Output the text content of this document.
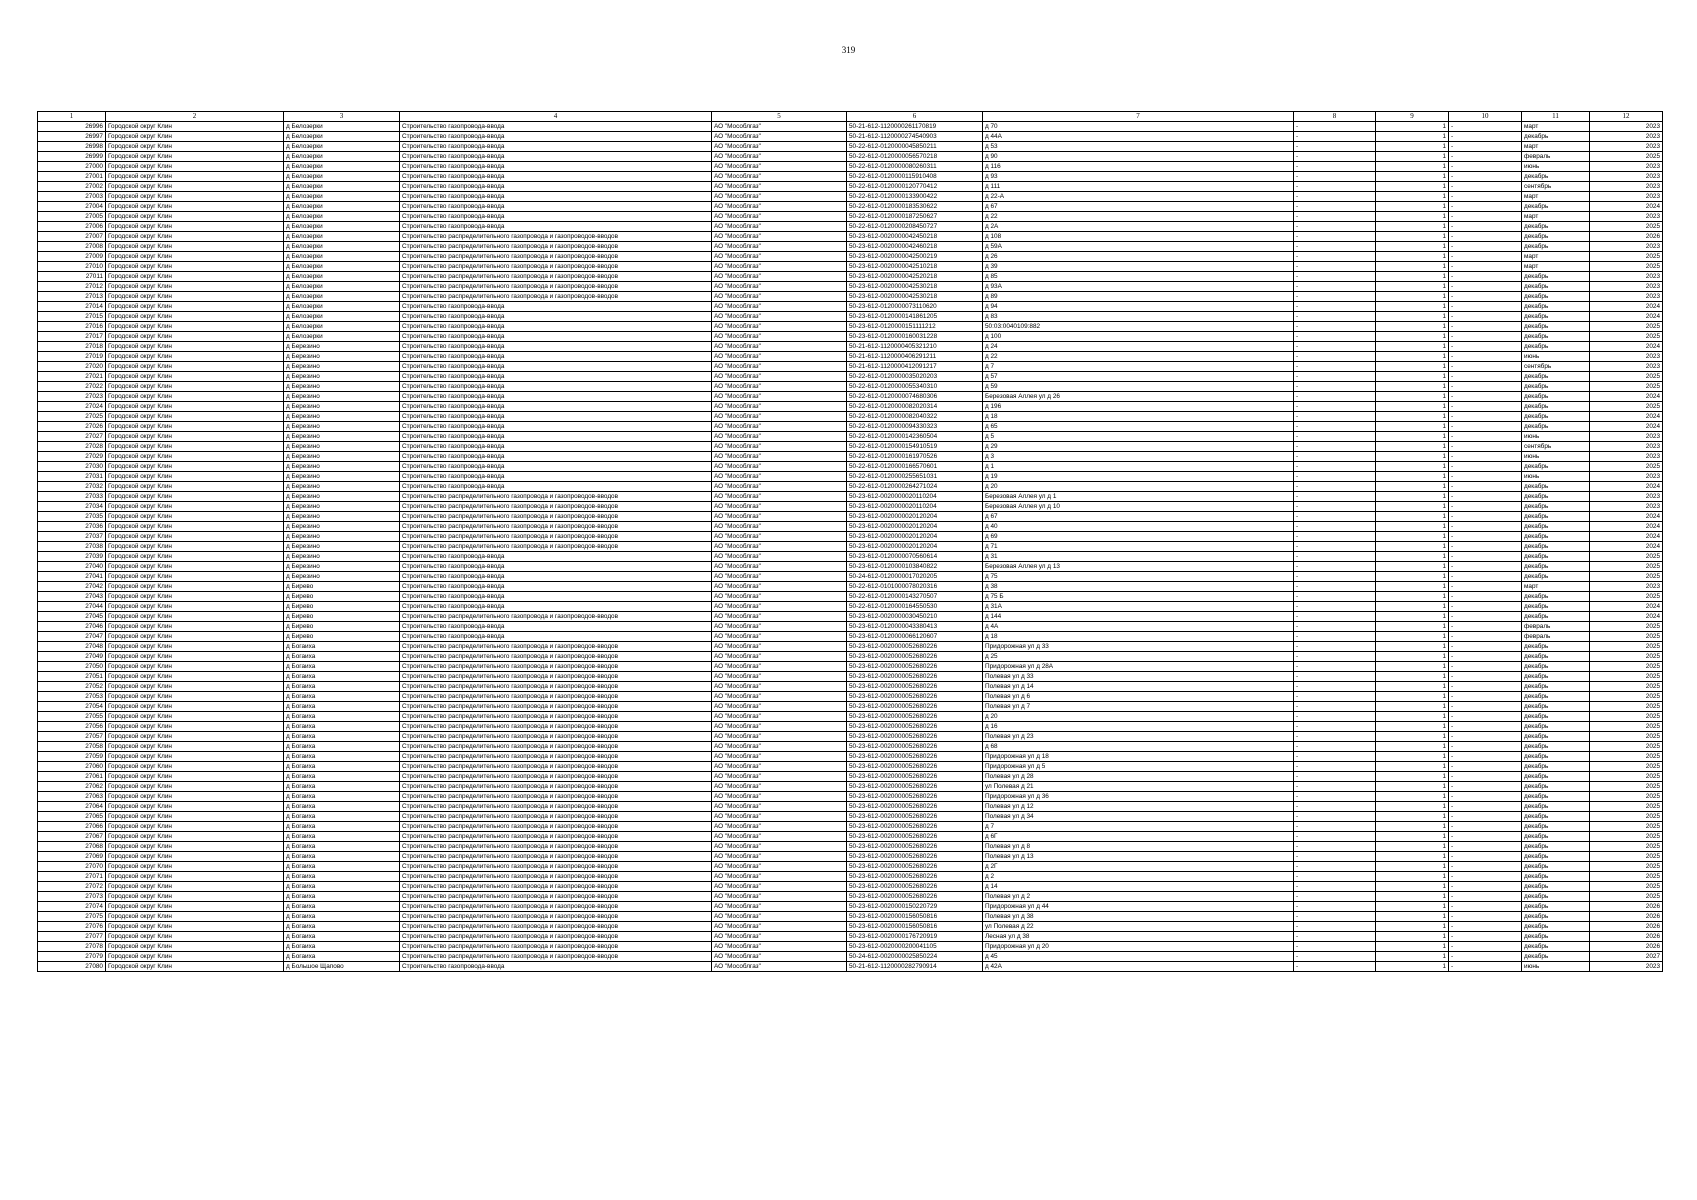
319
1	2	3	4	5	6	7	8	9	10	11	12
26996	Городской округ Клин	д Белозерки	Строительство газопровода-ввода	АО "Мособлгаз"	50-21-612-1120000261170819	д 70	-	1	-	март	2023
26997	Городской округ Клин	д Белозерки	Строительство газопровода-ввода	АО "Мособлгаз"	50-21-612-1120000274540903	д 44А	-	1	-	декабрь	2023
26998	Городской округ Клин	д Белозерки	Строительство газопровода-ввода	АО "Мособлгаз"	50-22-612-0120000045850211	д 53	-	1	-	март	2023
26999	Городской округ Клин	д Белозерки	Строительство газопровода-ввода	АО "Мособлгаз"	50-22-612-0120000056570218	д 90	-	1	-	февраль	2025
27000	Городской округ Клин	д Белозерки	Строительство газопровода-ввода	АО "Мособлгаз"	50-22-612-0120000080260311	д 116	-	1	-	июнь	2023
27001	Городской округ Клин	д Белозерки	Строительство газопровода-ввода	АО "Мособлгаз"	50-22-612-0120000115910408	д 93	-	1	-	декабрь	2023
27002	Городской округ Клин	д Белозерки	Строительство газопровода-ввода	АО "Мособлгаз"	50-22-612-0120000120770412	д 111	-	1	-	сентябрь	2023
27003	Городской округ Клин	д Белозерки	Строительство газопровода-ввода	АО "Мособлгаз"	50-22-612-0120000133900422	д 22-А	-	1	-	март	2023
27004	Городской округ Клин	д Белозерки	Строительство газопровода-ввода	АО "Мособлгаз"	50-22-612-0120000183530622	д 67	-	1	-	декабрь	2024
27005	Городской округ Клин	д Белозерки	Строительство газопровода-ввода	АО "Мособлгаз"	50-22-612-0120000187250627	д 22	-	1	-	март	2023
27006	Городской округ Клин	д Белозерки	Строительство газопровода-ввода	АО "Мособлгаз"	50-22-612-0120000208450727	д 2А	-	1	-	декабрь	2025
27007	Городской округ Клин	д Белозерки	Строительство распределительного газопровода и газопроводов-вводов	АО "Мособлгаз"	50-23-612-0020000042450218	д 108	-	1	-	декабрь	2026
27008	Городской округ Клин	д Белозерки	Строительство распределительного газопровода и газопроводов-вводов	АО "Мособлгаз"	50-23-612-0020000042460218	д 59А	-	1	-	декабрь	2023
27009	Городской округ Клин	д Белозерки	Строительство распределительного газопровода и газопроводов-вводов	АО "Мособлгаз"	50-23-612-0020000042500219	д 26	-	1	-	март	2025
27010	Городской округ Клин	д Белозерки	Строительство распределительного газопровода и газопроводов-вводов	АО "Мособлгаз"	50-23-612-0020000042510218	д 39	-	1	-	март	2025
27011	Городской округ Клин	д Белозерки	Строительство распределительного газопровода и газопроводов-вводов	АО "Мособлгаз"	50-23-612-0020000042520218	д 85	-	1	-	декабрь	2023
27012	Городской округ Клин	д Белозерки	Строительство распределительного газопровода и газопроводов-вводов	АО "Мособлгаз"	50-23-612-0020000042530218	д 93А	-	1	-	декабрь	2023
27013	Городской округ Клин	д Белозерки	Строительство распределительного газопровода и газопроводов-вводов	АО "Мособлгаз"	50-23-612-0020000042530218	д 89	-	1	-	декабрь	2023
27014	Городской округ Клин	д Белозерки	Строительство газопровода-ввода	АО "Мособлгаз"	50-23-612-0120000073110620	д 94	-	1	-	декабрь	2024
27015	Городской округ Клин	д Белозерки	Строительство газопровода-ввода	АО "Мособлгаз"	50-23-612-0120000141861205	д 83	-	1	-	декабрь	2024
27016	Городской округ Клин	д Белозерки	Строительство газопровода-ввода	АО "Мособлгаз"	50-23-612-0120000151111212	50:03:0040109:882	-	1	-	декабрь	2025
27017	Городской округ Клин	д Белозерки	Строительство газопровода-ввода	АО "Мособлгаз"	50-23-612-0120000160031228	д 100	-	1	-	декабрь	2025
27018	Городской округ Клин	д Березино	Строительство газопровода-ввода	АО "Мособлгаз"	50-21-612-1120000405321210	д 24	-	1	-	декабрь	2024
27019	Городской округ Клин	д Березино	Строительство газопровода-ввода	АО "Мособлгаз"	50-21-612-1120000406291211	д 22	-	1	-	июнь	2023
27020	Городской округ Клин	д Березино	Строительство газопровода-ввода	АО "Мособлгаз"	50-21-612-1120000412091217	д 7	-	1	-	сентябрь	2023
27021	Городской округ Клин	д Березино	Строительство газопровода-ввода	АО "Мособлгаз"	50-22-612-0120000035020203	д 57	-	1	-	декабрь	2025
27022	Городской округ Клин	д Березино	Строительство газопровода-ввода	АО "Мособлгаз"	50-22-612-0120000055340310	д 59	-	1	-	декабрь	2025
27023	Городской округ Клин	д Березино	Строительство газопровода-ввода	АО "Мособлгаз"	50-22-612-0120000074680306	Березовая Аллея ул д 26	-	1	-	декабрь	2024
27024	Городской округ Клин	д Березино	Строительство газопровода-ввода	АО "Мособлгаз"	50-22-612-0120000082020314	д 196	-	1	-	декабрь	2025
27025	Городской округ Клин	д Березино	Строительство газопровода-ввода	АО "Мособлгаз"	50-22-612-0120000082040322	д 18	-	1	-	декабрь	2024
27026	Городской округ Клин	д Березино	Строительство газопровода-ввода	АО "Мособлгаз"	50-22-612-0120000094330323	д 65	-	1	-	декабрь	2024
27027	Городской округ Клин	д Березино	Строительство газопровода-ввода	АО "Мособлгаз"	50-22-612-0120000142360504	д 5	-	1	-	июнь	2023
27028	Городской округ Клин	д Березино	Строительство газопровода-ввода	АО "Мособлгаз"	50-22-612-0120000154910519	д 29	-	1	-	сентябрь	2023
27029	Городской округ Клин	д Березино	Строительство газопровода-ввода	АО "Мособлгаз"	50-22-612-0120000161970526	д 3	-	1	-	июнь	2023
27030	Городской округ Клин	д Березино	Строительство газопровода-ввода	АО "Мособлгаз"	50-22-612-0120000166570601	д 1	-	1	-	декабрь	2025
27031	Городской округ Клин	д Березино	Строительство газопровода-ввода	АО "Мособлгаз"	50-22-612-0120000255651031	д 19	-	1	-	июнь	2023
27032	Городской округ Клин	д Березино	Строительство газопровода-ввода	АО "Мособлгаз"	50-22-612-0120000264271024	д 20	-	1	-	декабрь	2024
27033	Городской округ Клин	д Березино	Строительство распределительного газопровода и газопроводов-вводов	АО "Мособлгаз"	50-23-612-0020000020110204	Березовая Аллея ул д 1	-	1	-	декабрь	2023
27034	Городской округ Клин	д Березино	Строительство распределительного газопровода и газопроводов-вводов	АО "Мособлгаз"	50-23-612-0020000020110204	Березовая Аллея ул д 10	-	1	-	декабрь	2023
27035	Городской округ Клин	д Березино	Строительство распределительного газопровода и газопроводов-вводов	АО "Мособлгаз"	50-23-612-0020000020120204	д 67	-	1	-	декабрь	2024
27036	Городской округ Клин	д Березино	Строительство распределительного газопровода и газопроводов-вводов	АО "Мособлгаз"	50-23-612-0020000020120204	д 40	-	1	-	декабрь	2024
27037	Городской округ Клин	д Березино	Строительство распределительного газопровода и газопроводов-вводов	АО "Мособлгаз"	50-23-612-0020000020120204	д 69	-	1	-	декабрь	2024
27038	Городской округ Клин	д Березино	Строительство распределительного газопровода и газопроводов-вводов	АО "Мособлгаз"	50-23-612-0020000020120204	д 71	-	1	-	декабрь	2024
27039	Городской округ Клин	д Березино	Строительство газопровода-ввода	АО "Мособлгаз"	50-23-612-0120000070560614	д 31	-	1	-	декабрь	2025
27040	Городской округ Клин	д Березино	Строительство газопровода-ввода	АО "Мособлгаз"	50-23-612-0120000103840822	Березовая Аллея ул д 13	-	1	-	декабрь	2025
27041	Городской округ Клин	д Березино	Строительство газопровода-ввода	АО "Мособлгаз"	50-24-612-0120000017020205	д 75	-	1	-	декабрь	2025
27042	Городской округ Клин	д Бирево	Строительство газопровода-ввода	АО "Мособлгаз"	50-22-612-0101000078020316	д 38	-	1	-	март	2023
27043	Городской округ Клин	д Бирево	Строительство газопровода-ввода	АО "Мособлгаз"	50-22-612-0120000143270507	д 75 Б	-	1	-	декабрь	2025
27044	Городской округ Клин	д Бирево	Строительство газопровода-ввода	АО "Мособлгаз"	50-22-612-0120000164550530	д 31А	-	1	-	декабрь	2024
27045	Городской округ Клин	д Бирево	Строительство распределительного газопровода и газопроводов-вводов	АО "Мособлгаз"	50-23-612-0020000030450210	д 144	-	1	-	декабрь	2024
27046	Городской округ Клин	д Бирево	Строительство газопровода-ввода	АО "Мособлгаз"	50-23-612-0120000043380413	д 4А	-	1	-	февраль	2025
27047	Городской округ Клин	д Бирево	Строительство газопровода-ввода	АО "Мособлгаз"	50-23-612-0120000066120607	д 18	-	1	-	февраль	2025
27048	Городской округ Клин	д Богаиха	Строительство распределительного газопровода и газопроводов-вводов	АО "Мособлгаз"	50-23-612-0020000052680226	Придорожная ул д 33	-	1	-	декабрь	2025
27049	Городской округ Клин	д Богаиха	Строительство распределительного газопровода и газопроводов-вводов	АО "Мособлгаз"	50-23-612-0020000052680226	д 25	-	1	-	декабрь	2025
27050	Городской округ Клин	д Богаиха	Строительство распределительного газопровода и газопроводов-вводов	АО "Мособлгаз"	50-23-612-0020000052680226	Придорожная ул д 28А	-	1	-	декабрь	2025
27051	Городской округ Клин	д Богаиха	Строительство распределительного газопровода и газопроводов-вводов	АО "Мособлгаз"	50-23-612-0020000052680226	Полевая ул д 33	-	1	-	декабрь	2025
27052	Городской округ Клин	д Богаиха	Строительство распределительного газопровода и газопроводов-вводов	АО "Мособлгаз"	50-23-612-0020000052680226	Полевая ул д 14	-	1	-	декабрь	2025
27053	Городской округ Клин	д Богаиха	Строительство распределительного газопровода и газопроводов-вводов	АО "Мособлгаз"	50-23-612-0020000052680226	Полевая ул д 6	-	1	-	декабрь	2025
27054	Городской округ Клин	д Богаиха	Строительство распределительного газопровода и газопроводов-вводов	АО "Мособлгаз"	50-23-612-0020000052680226	Полевая ул д 7	-	1	-	декабрь	2025
27055	Городской округ Клин	д Богаиха	Строительство распределительного газопровода и газопроводов-вводов	АО "Мособлгаз"	50-23-612-0020000052680226	д 20	-	1	-	декабрь	2025
27056	Городской округ Клин	д Богаиха	Строительство распределительного газопровода и газопроводов-вводов	АО "Мособлгаз"	50-23-612-0020000052680226	д 16	-	1	-	декабрь	2025
27057	Городской округ Клин	д Богаиха	Строительство распределительного газопровода и газопроводов-вводов	АО "Мособлгаз"	50-23-612-0020000052680226	Полевая ул д 23	-	1	-	декабрь	2025
27058	Городской округ Клин	д Богаиха	Строительство распределительного газопровода и газопроводов-вводов	АО "Мособлгаз"	50-23-612-0020000052680226	д 68	-	1	-	декабрь	2025
27059	Городской округ Клин	д Богаиха	Строительство распределительного газопровода и газопроводов-вводов	АО "Мособлгаз"	50-23-612-0020000052680226	Придорожная ул д 18	-	1	-	декабрь	2025
27060	Городской округ Клин	д Богаиха	Строительство распределительного газопровода и газопроводов-вводов	АО "Мособлгаз"	50-23-612-0020000052680226	Придорожная ул д 5	-	1	-	декабрь	2025
27061	Городской округ Клин	д Богаиха	Строительство распределительного газопровода и газопроводов-вводов	АО "Мособлгаз"	50-23-612-0020000052680226	Полевая ул д 28	-	1	-	декабрь	2025
27062	Городской округ Клин	д Богаиха	Строительство распределительного газопровода и газопроводов-вводов	АО "Мособлгаз"	50-23-612-0020000052680226	ул Полевая д 21	-	1	-	декабрь	2025
27063	Городской округ Клин	д Богаиха	Строительство распределительного газопровода и газопроводов-вводов	АО "Мособлгаз"	50-23-612-0020000052680226	Придорожная ул д 36	-	1	-	декабрь	2025
27064	Городской округ Клин	д Богаиха	Строительство распределительного газопровода и газопроводов-вводов	АО "Мособлгаз"	50-23-612-0020000052680226	Полевая ул д 12	-	1	-	декабрь	2025
27065	Городской округ Клин	д Богаиха	Строительство распределительного газопровода и газопроводов-вводов	АО "Мособлгаз"	50-23-612-0020000052680226	Полевая ул д 34	-	1	-	декабрь	2025
27066	Городской округ Клин	д Богаиха	Строительство распределительного газопровода и газопроводов-вводов	АО "Мособлгаз"	50-23-612-0020000052680226	д 7	-	1	-	декабрь	2025
27067	Городской округ Клин	д Богаиха	Строительство распределительного газопровода и газопроводов-вводов	АО "Мособлгаз"	50-23-612-0020000052680226	д 6Г	-	1	-	декабрь	2025
27068	Городской округ Клин	д Богаиха	Строительство распределительного газопровода и газопроводов-вводов	АО "Мособлгаз"	50-23-612-0020000052680226	Полевая ул д 8	-	1	-	декабрь	2025
27069	Городской округ Клин	д Богаиха	Строительство распределительного газопровода и газопроводов-вводов	АО "Мособлгаз"	50-23-612-0020000052680226	Полевая ул д 13	-	1	-	декабрь	2025
27070	Городской округ Клин	д Богаиха	Строительство распределительного газопровода и газопроводов-вводов	АО "Мособлгаз"	50-23-612-0020000052680226	д 2Г	-	1	-	декабрь	2025
27071	Городской округ Клин	д Богаиха	Строительство распределительного газопровода и газопроводов-вводов	АО "Мособлгаз"	50-23-612-0020000052680226	д 2	-	1	-	декабрь	2025
27072	Городской округ Клин	д Богаиха	Строительство распределительного газопровода и газопроводов-вводов	АО "Мособлгаз"	50-23-612-0020000052680226	д 14	-	1	-	декабрь	2025
27073	Городской округ Клин	д Богаиха	Строительство распределительного газопровода и газопроводов-вводов	АО "Мособлгаз"	50-23-612-0020000052680226	Полевая ул д 2	-	1	-	декабрь	2025
27074	Городской округ Клин	д Богаиха	Строительство распределительного газопровода и газопроводов-вводов	АО "Мособлгаз"	50-23-612-0020000150220729	Придорожная ул д 44	-	1	-	декабрь	2026
27075	Городской округ Клин	д Богаиха	Строительство распределительного газопровода и газопроводов-вводов	АО "Мособлгаз"	50-23-612-0020000156050816	Полевая ул д 38	-	1	-	декабрь	2026
27076	Городской округ Клин	д Богаиха	Строительство распределительного газопровода и газопроводов-вводов	АО "Мособлгаз"	50-23-612-0020000156050816	ул Полевая д 22	-	1	-	декабрь	2026
27077	Городской округ Клин	д Богаиха	Строительство распределительного газопровода и газопроводов-вводов	АО "Мособлгаз"	50-23-612-0020000176720919	Лесная ул д 38	-	1	-	декабрь	2026
27078	Городской округ Клин	д Богаиха	Строительство распределительного газопровода и газопроводов-вводов	АО "Мособлгаз"	50-23-612-0020000200041105	Придорожная ул д 20	-	1	-	декабрь	2026
27079	Городской округ Клин	д Богаиха	Строительство распределительного газопровода и газопроводов-вводов	АО "Мособлгаз"	50-24-612-0020000025850224	д 45	-	1	-	декабрь	2027
27080	Городской округ Клин	д Большое Щапово	Строительство газопровода-ввода	АО "Мособлгаз"	50-21-612-1120000282790914	д 42А	-	1	-	июнь	2023
